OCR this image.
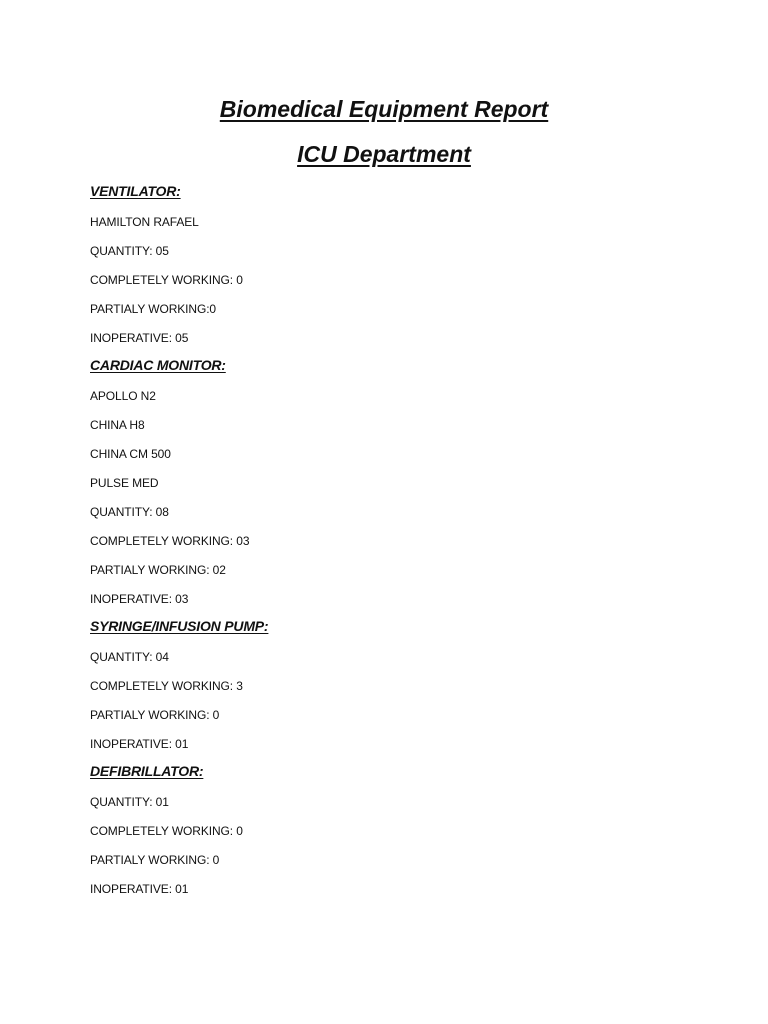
Biomedical Equipment Report
ICU Department
VENTILATOR:
HAMILTON RAFAEL
QUANTITY: 05
COMPLETELY WORKING: 0
PARTIALY WORKING:0
INOPERATIVE: 05
CARDIAC MONITOR:
APOLLO N2
CHINA H8
CHINA CM 500
PULSE MED
QUANTITY: 08
COMPLETELY WORKING: 03
PARTIALY WORKING: 02
INOPERATIVE: 03
SYRINGE/INFUSION PUMP:
QUANTITY: 04
COMPLETELY WORKING: 3
PARTIALY WORKING: 0
INOPERATIVE: 01
DEFIBRILLATOR:
QUANTITY: 01
COMPLETELY WORKING: 0
PARTIALY WORKING: 0
INOPERATIVE: 01
